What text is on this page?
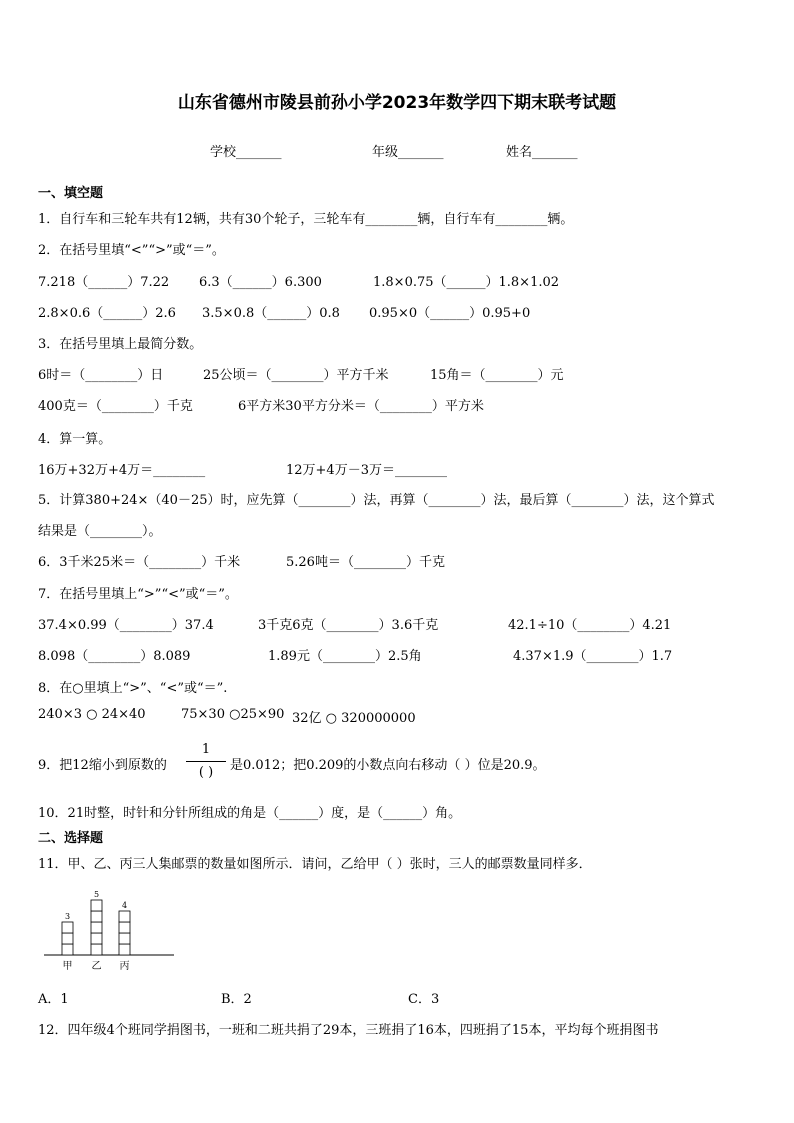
山东省德州市陵县前孙小学2023年数学四下期末联考试题
学校_______	年级_______	姓名_______
一、填空题
1．自行车和三轮车共有12辆，共有30个轮子，三轮车有________辆，自行车有________辆。
2．在括号里填“<”“>”或“＝”。
7.218（______）7.22 6.3（______）6.300	1.8×0.75（______）1.8×1.02
2.8×0.6（______）2.6 3.5×0.8（______）0.8 0.95×0（______）0.95+0
3．在括号里填上最简分数。
6时＝（________）日	25公顷＝（________）平方千米	15角＝（________）元
400克＝（________）千克	6平方米30平方分米＝（________）平方米
4．算一算。
16万+32万+4万＝________	12万+4万－3万＝________
5．计算380+24×（40－25）时，应先算（________）法，再算（________）法，最后算（________）法，这个算式
结果是（________）。
6．3千米25米＝（________）千米	5.26吨＝（________）千克
7．在括号里填上“>”“<”或“＝”。
37.4×0.99（________）37.4	3千克6克（________）3.6千克	42.1÷10（________）4.21
8.098（________）8.089	1.89元（________）2.5角	4.37×1.9（________）1.7
8．在○里填上“>”、“<”或“＝”.
240×3 ○ 24×40	75×30 ○25×90 32亿 ○ 320000000
9．把12缩小到原数的
1
( )	是0.012；把0.209的小数点向右移动（ ）位是20.9。
10．21时整，时针和分针所组成的角是（______）度，是（______）角。
二、选择题
11．甲、乙、丙三人集邮票的数量如图所示．请问，乙给甲（ ）张时，三人的邮票数量同样多．
3
甲
5
乙
4
丙
A．1	B．2	C．3
12．四年级4个班同学捐图书，一班和二班共捐了29本，三班捐了16本，四班捐了15本，平均每个班捐图书
